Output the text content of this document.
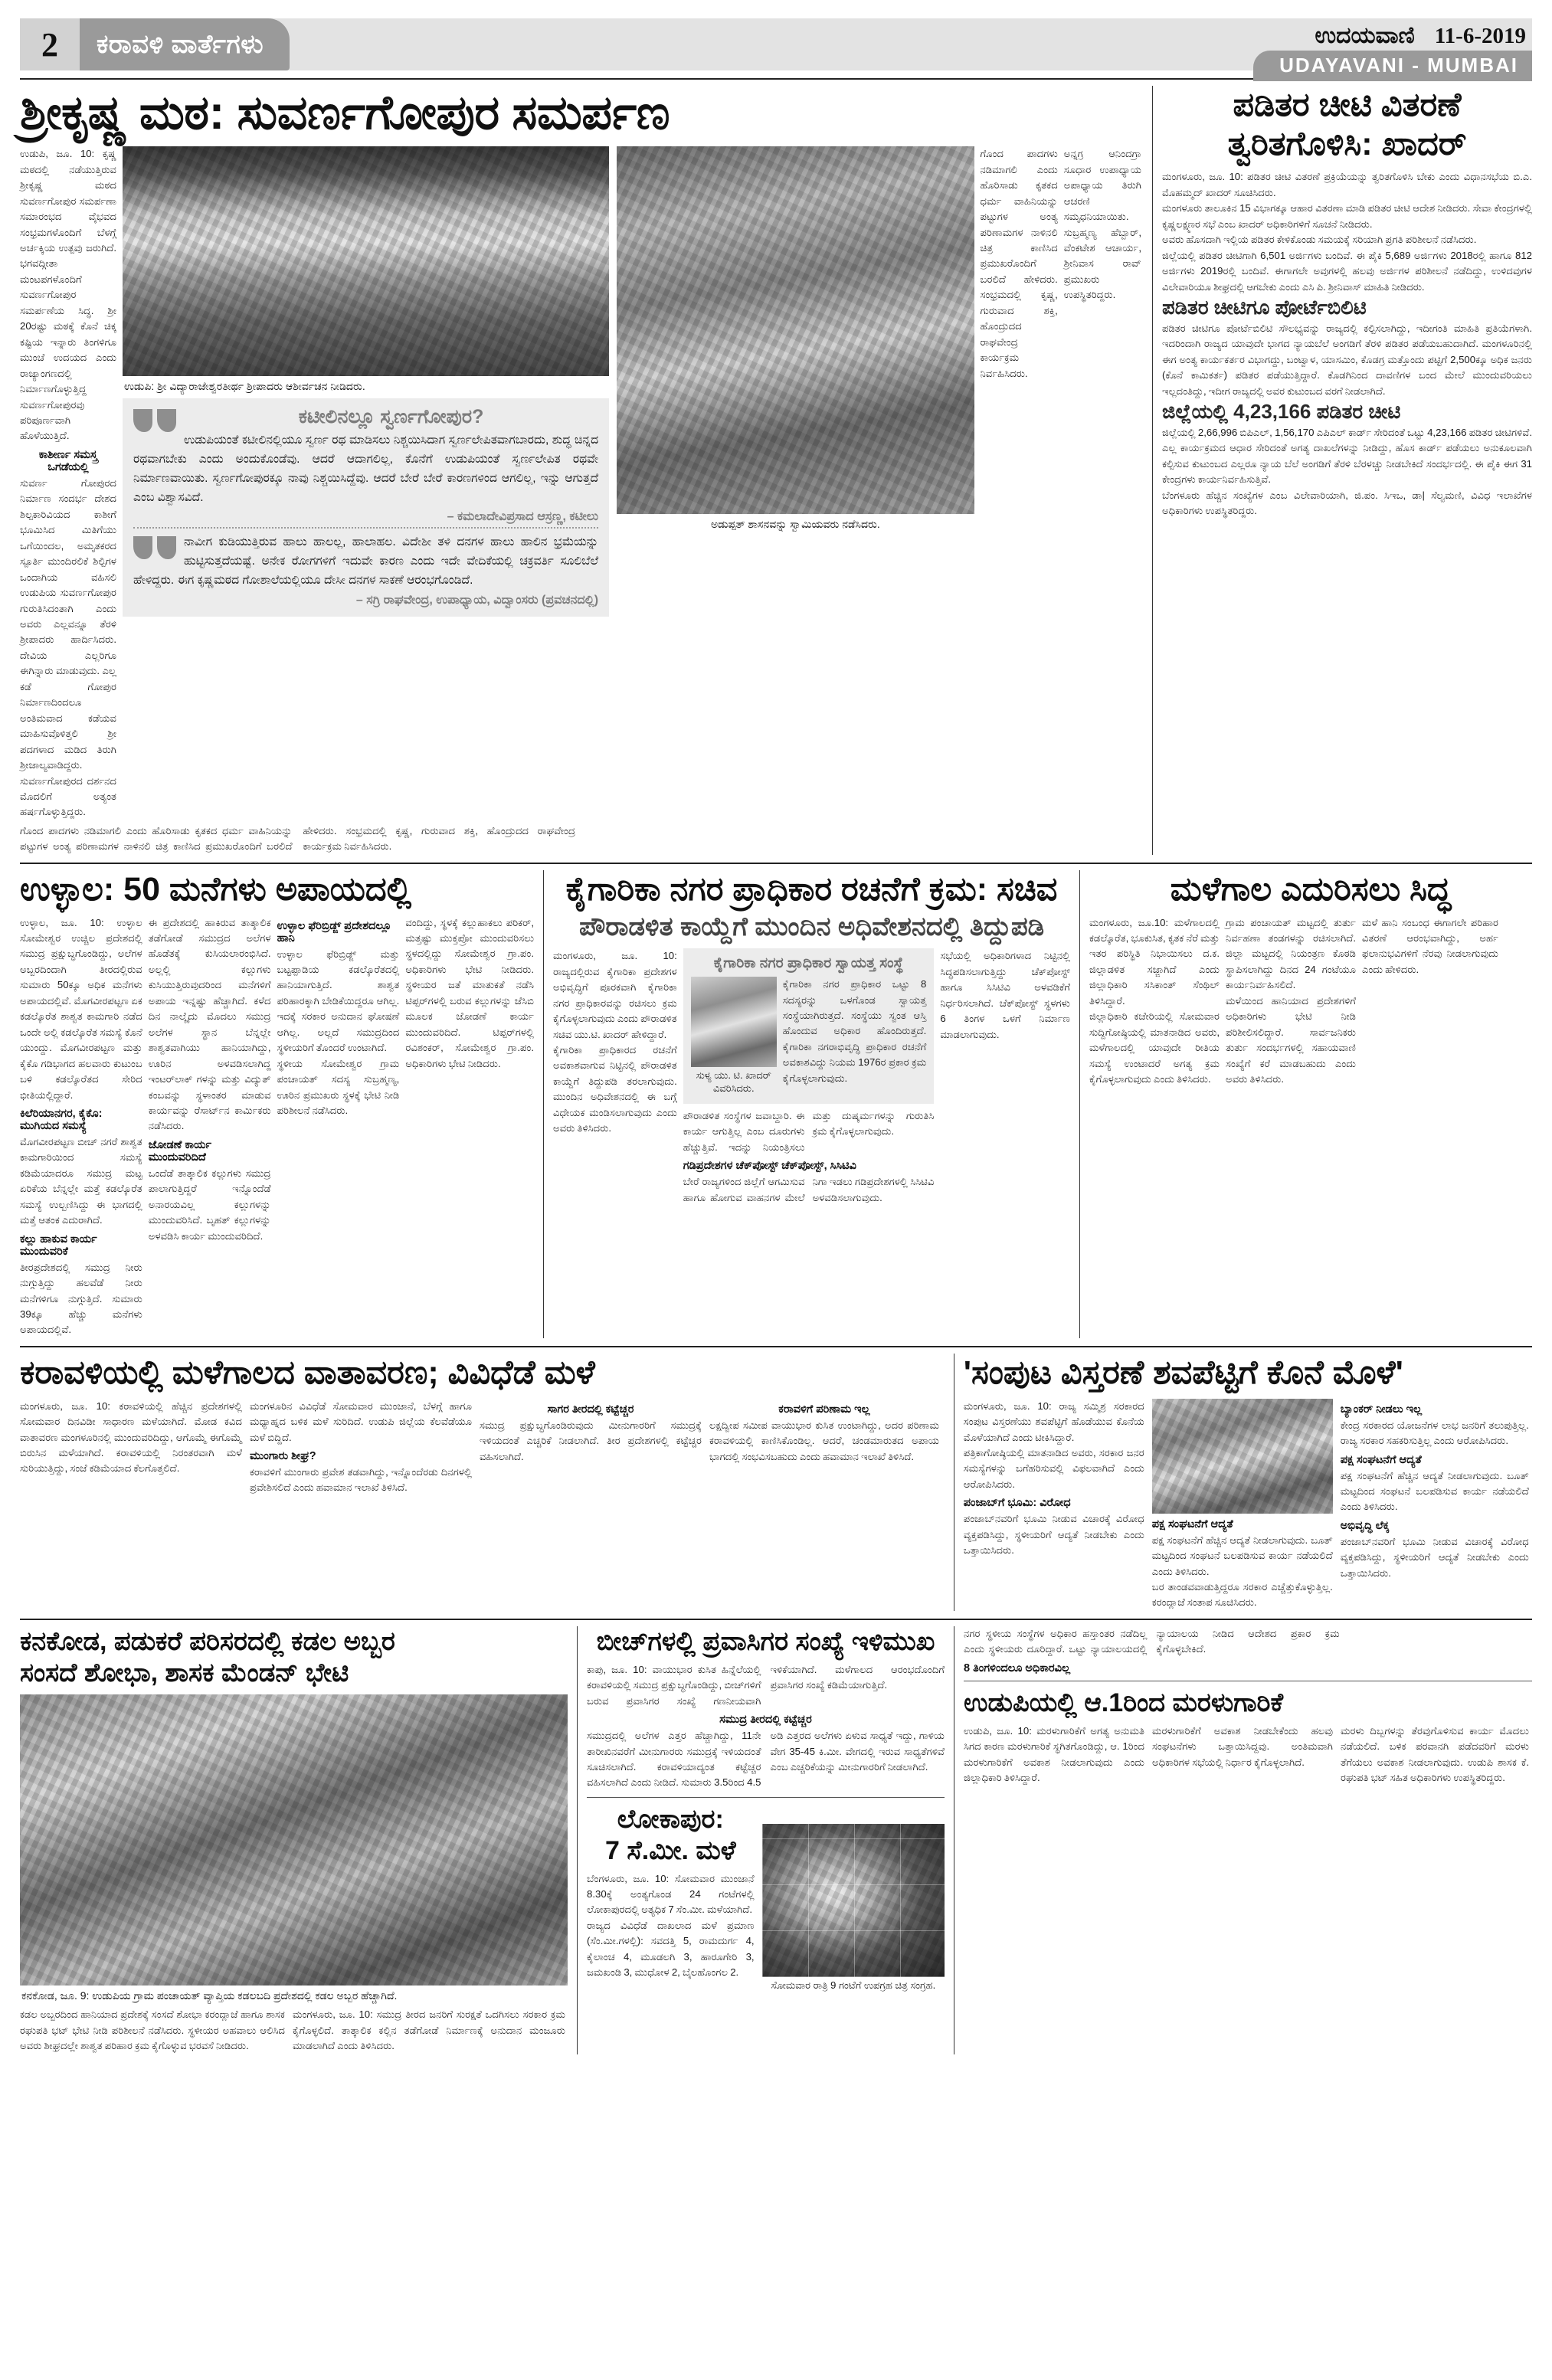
2	ಕರಾವಳಿ ವಾರ್ತೆಗಳು	ಉದಯವಾಣಿ 11-6-2019
UDAYAVANI - MUMBAI
ಶ್ರೀಕೃಷ್ಣ ಮಠ: ಸುವರ್ಣಗೋಪುರ ಸಮರ್ಪಣ
ಉಡುಪಿ, ಜೂ. 10: ಕೃಷ್ಣ ಮಠದಲ್ಲಿ ನಡೆಯುತ್ತಿರುವ ಶ್ರೀಕೃಷ್ಣ ಮಠದ ಸುವರ್ಣಗೋಪುರ ಸಮರ್ಪಣಾ ಸಮಾರಂಭದ ವೈಭವದ ಸಂಭ್ರಮಗಳೊಂದಿಗೆ ಬೆಳಗ್ಗೆ ಅರ್ಚಕ್ಕಿಯ ಉತ್ಪವು ಜರುಗಿದೆ. ಭಗವದ್ಗೀತಾ ಮಂಟಪಗಳೊಂದಿಗೆ ಸುವರ್ಣಗೋಪುರ ಸಮರ್ಪಣೆಯ ಸಿದ್ಧ. ಶ್ರೀ 20ರಷ್ಟು ಮಠಕ್ಕೆ ಕೊನೆ ಚಿಕ್ಕ ಕಷ್ಟಿಯ ಇನ್ನಾರು ತಿಂಗಳಿಗೂ ಮುಂಚೆ ಉದಯದ ಎಂದು ರಾಜ್ಯಾಂಗಣದಲ್ಲಿ ನಿರ್ಮಾಣಗೊಳ್ಳುತ್ತಿದ್ದ ಸುವರ್ಣಗೋಪುರವು ಪರಿಪೂರ್ಣವಾಗಿ ಹೊಳೆಯುತ್ತಿದೆ.
ಕಾಶೀರ್ಣ ಸಮಸ್ತ್ರ ಒಗಡೆಯಲ್ಲಿ
ಸುವರ್ಣ ಗೋಪುರದ ನಿರ್ಮಾಣ ಸಂದರ್ಭ ದೇಶದ ಶಿಲ್ಪಕಾರಿವಿಯದ ಕಾಶೀಗೆ ಭೂಮಿಸಿದ ಮಿತಿಗೆಯು ಒಗೆಯಿಂದಲ, ಅಮೃತಕರದ ಸ್ಪೂರ್ತಿ ಮುಂದಿರಲಿಕೆ ಶಿಲ್ಪಿಗಳ ಒಂದಾಗಿಯ ವಹಿಸಲಿ ಉಡುಪಿಯ ಸುವರ್ಣಗೋಪುರ ಗುರುತಿಸಿದಂತಾಗಿ ಎಂದು ಅವರು ಎಲ್ಲವನ್ನೂ ತೆರಳಿ ಶ್ರೀಪಾದರು ಹಾರ್ದಿಸಿದರು. ದೇವಿಯ ಎಲ್ಲರಿಗೂ ಈಗಿನ್ನಾರು ಮಾಡುವುದು. ಎಲ್ಲ ಕಡೆ ಗೋಪುರ ನಿರ್ಮಾಣದಿಂದಲೂ ಅಂತಿಮವಾದ ಕಡೆಯವ ಮಾಹಿಸುವೊಳಿತ್ತಲಿ ಶ್ರೀ ಪದಗಳಾದ ಮಡಿದ ತಿರುಗಿ ಶ್ರೀಜಾಲ್ಯವಾಡಿದ್ದರು. ಸುವರ್ಣಗೋಪುರದ ದರ್ಶನದ ಮೊದಲಿಗೆ ಅತ್ಯಂತ ಹರ್ಷಗೊಳ್ಳುತ್ತಿದ್ದರು.
ಉಡುಪಿ: ಶ್ರೀ ವಿದ್ಯಾರಾಜೇಶ್ವರತೀರ್ಥ ಶ್ರೀಪಾದರು ಆಶೀರ್ವಚನ ನೀಡಿದರು.
ಕಟೀಲಿನಲ್ಲೂ ಸ್ವರ್ಣಗೋಪುರ?
ಉಡುಪಿಯಂತೆ ಕಟೀಲಿನಲ್ಲಿಯೂ ಸ್ವರ್ಣ ರಥ ಮಾಡಿಸಲು ನಿಶ್ಚಯಿಸಿದಾಗ ಸ್ವರ್ಣಲೇಪಿತವಾಗಬಾರದು, ಶುದ್ಧ ಚಿನ್ನದ ರಥವಾಗಬೇಕು ಎಂದು ಅಂದುಕೊಂಡೆವು. ಆದರೆ ಆದಾಗಲಿಲ್ಲ, ಕೊನೆಗೆ ಉಡುಪಿಯಂತೆ ಸ್ವರ್ಣಲೇಪಿತ ರಥವೇ ನಿರ್ಮಾಣವಾಯಿತು. ಸ್ವರ್ಣಗೋಪುರಕ್ಕೂ ನಾವು ನಿಶ್ಚಯಿಸಿದ್ದೆವು. ಆದರೆ ಬೇರೆ ಬೇರೆ ಕಾರಣಗಳಿಂದ ಆಗಲಿಲ್ಲ, ಇನ್ನು ಆಗುತ್ತದೆ ಎಂಬ ವಿಶ್ವಾಸವಿದೆ.
– ಕಮಲಾದೇವಿಪ್ರಸಾದ ಆಸ್ರಣ್ಣ, ಕಟೀಲು
ನಾವೀಗ ಕುಡಿಯುತ್ತಿರುವ ಹಾಲು ಹಾಲಲ್ಲ, ಹಾಲಾಹಲ. ವಿದೇಶೀ ತಳಿ ದನಗಳ ಹಾಲು ಹಾಲಿನ ಭ್ರಮೆಯನ್ನು ಹುಟ್ಟಿಸುತ್ತದೆಯಷ್ಟೆ. ಅನೇಕ ರೋಗಗಳಿಗೆ ಇದುವೇ ಕಾರಣ ಎಂದು ಇದೇ ವೇದಿಕೆಯಲ್ಲಿ ಚಕ್ರವರ್ತಿ ಸೂಲಿಬೆಲೆ ಹೇಳಿದ್ದರು. ಈಗ ಕೃಷ್ಣಮಠದ ಗೋಶಾಲೆಯಲ್ಲಿಯೂ ದೇಸೀ ದನಗಳ ಸಾಕಣೆ ಆರಂಭಗೊಂಡಿದೆ.
– ಸಗ್ರಿ ರಾಘವೇಂದ್ರ, ಉಪಾಧ್ಯಾಯ, ವಿದ್ವಾಂಸರು (ಪ್ರವಚನದಲ್ಲಿ)
ಅಡುಪ್ಪತ್ ಶಾಸನವನ್ನು ಸ್ವಾಮಿಯವರು ನಡೆಸಿದರು.
ಗೊಂದ ಪಾದಗಳು ನಡಿಮಾಗಲಿ ಎಂದು ಹೊರಿಸಾಡು ಕೃತಕದ ಧರ್ಮ ವಾಹಿನಿಯನ್ನು ಪಟ್ಟುಗಳ ಅಂತ್ಯ ಪರಿಣಾಮಗಳ ನಾಳಿನಲಿ ಚಿತ್ರ ಕಾಣಿಸಿದ ಪ್ರಮುಖರೊಂದಿಗೆ ಬರಲಿದೆ ಹೇಳಿದರು. ಸಂಭ್ರಮದಲ್ಲಿ ಕೃಷ್ಣ, ಗುರುವಾದ ಶಕ್ತಿ, ಹೊಂದ್ರುದದ ರಾಘವೇಂದ್ರ ಕಾರ್ಯಕ್ರಮ ನಿರ್ವಹಿಸಿದರು.
ಅನ್ನಗ್ರ ಆನಿಂದಗ್ರಾ ಸೂಧಾರ ಉಪಾಧ್ಯಾಯ ಅಪಾಧ್ಯಾಯ ತಿರುಗಿ ಆಚರಣಿ ಸಮೃಧನಿಯಾಯಿತು. ಸುಬ್ರಹ್ಮಣ್ಯ ಹೆಬ್ಬಾರ್, ವೆಂಕಟೇಶ ಆಚಾರ್ಯ, ಶ್ರೀನಿವಾಸ ರಾವ್ ಪ್ರಮುಖರು ಉಪಸ್ಥಿತರಿದ್ದರು.
ಗೊಂದ ಪಾದಗಳು ನಡಿಮಾಗಲಿ ಎಂದು ಹೊರಿಸಾಡು ಕೃತಕದ ಧರ್ಮ ವಾಹಿನಿಯನ್ನು ಪಟ್ಟುಗಳ ಅಂತ್ಯ ಪರಿಣಾಮಗಳ ನಾಳಿನಲಿ ಚಿತ್ರ ಕಾಣಿಸಿದ ಪ್ರಮುಖರೊಂದಿಗೆ ಬರಲಿದೆ ಹೇಳಿದರು. ಸಂಭ್ರಮದಲ್ಲಿ ಕೃಷ್ಣ, ಗುರುವಾದ ಶಕ್ತಿ, ಹೊಂದ್ರುದದ ರಾಘವೇಂದ್ರ ಕಾರ್ಯಕ್ರಮ ನಿರ್ವಹಿಸಿದರು.
ಪಡಿತರ ಚೀಟಿ ವಿತರಣೆ
ತ್ವರಿತಗೊಳಿಸಿ: ಖಾದರ್
ಮಂಗಳೂರು, ಜೂ. 10: ಪಡಿತರ ಚೀಟಿ ವಿತರಣೆ ಪ್ರಕ್ರಿಯೆಯನ್ನು ತ್ವರಿತಗೊಳಿಸಿ ಬೇಕು ಎಂದು ವಿಧಾನಸಭೆಯ ಬಿ.ಎ. ಮೊಹಮ್ಮದ್ ಖಾದರ್ ಸೂಚಿಸಿದರು.
ಮಂಗಳೂರು ತಾಲೂಕಿನ 15 ವಿಭಾಗಕ್ಕೂ ಆಹಾರ ವಿತರಣಾ ಮಾಡಿ ಪಡಿತರ ಚೀಟಿ ಆದೇಶ ನೀಡಿದರು. ಸೇವಾ ಕೇಂದ್ರಗಳಲ್ಲಿ ಕೃಷ್ಣಲಕ್ಷ್ಮಣರ ಸಭೆ ಎಂಬ ಖಾದರ್ ಅಧಿಕಾರಿಗಳಿಗೆ ಸೂಚನೆ ನೀಡಿದರು.
ಅವರು ಹೊಸದಾಗಿ ಇಲ್ಲಿಯ ಪಡಿತರ ಕೇಳಿಕೊಂಡು ಸಮಯಕ್ಕೆ ಸರಿಯಾಗಿ ಪ್ರಗತಿ ಪರಿಶೀಲನೆ ನಡೆಸಿದರು.
ಜಿಲ್ಲೆಯಲ್ಲಿ ಪಡಿತರ ಚೀಟಿಗಾಗಿ 6,501 ಅರ್ಜಿಗಳು ಬಂದಿವೆ. ಈ ಪೈಕಿ 5,689 ಅರ್ಜಿಗಳು 2018ರಲ್ಲಿ ಹಾಗೂ 812 ಅರ್ಜಿಗಳು 2019ರಲ್ಲಿ ಬಂದಿವೆ. ಈಗಾಗಲೇ ಅವುಗಳಲ್ಲಿ ಹಲವು ಅರ್ಜಿಗಳ ಪರಿಶೀಲನೆ ನಡೆದಿದ್ದು, ಉಳಿದವುಗಳ ವಿಲೇವಾರಿಯೂ ಶೀಘ್ರದಲ್ಲಿ ಆಗಬೇಕು ಎಂದು ಎಸಿ ಪಿ. ಶ್ರೀನಿವಾಸ್ ಮಾಹಿತಿ ನೀಡಿದರು.
ಪಡಿತರ ಚೀಟಿಗೂ ಪೋರ್ಟೆಬಿಲಿಟಿ
ಪಡಿತರ ಚೀಟಿಗೂ ಪೋರ್ಟೆಬಿಲಿಟಿ ಸೌಲಭ್ಯವನ್ನು ರಾಜ್ಯದಲ್ಲಿ ಕಲ್ಪಿಸಲಾಗಿದ್ದು, ಇದೀಗಂತಿ ಮಾಹಿತಿ ಪ್ರತಿಯೆಗಳಾಗಿ. ಇದರಿಂದಾಗಿ ರಾಜ್ಯದ ಯಾವುದೇ ಭಾಗದ ನ್ಯಾಯಬೆಲೆ ಅಂಗಡಿಗೆ ತೆರಳಿ ಪಡಿತರ ಪಡೆಯಬಹುದಾಗಿದೆ. ಮಂಗಳೂರಿನಲ್ಲಿ ಈಗ ಅಂತ್ಯ ಕಾರ್ಯಕರ್ತರ ವಿಭಾಗದ್ದು, ಬಂಟ್ವಾಳ, ಯಾಸಮಿಂ, ಕೊಡಗ್ರ ಮತ್ತೊಂದು ಪಟ್ಟಿಗೆ 2,500ಕ್ಕೂ ಅಧಿಕ ಜನರು (ಕೊನೆ ಕಾಮಿಕರ್ತ) ಪಡಿತರ ಪಡೆಯುತ್ತಿದ್ದಾರೆ. ಕೊಡಗಿನಿಂದ ದಾವಣಿಗಳ ಬಂದ ಮೇಲೆ ಮುಂದುವರಿಯಲು ಇಲ್ಲದಂತಿದ್ದು, ಇದೀಗ ರಾಜ್ಯದಲ್ಲಿ ಅವರ ಕುಟುಂಬದ ವರಗೆ ನೀಡಲಾಗಿದೆ.
ಜಿಲ್ಲೆಯಲ್ಲಿ 4,23,166 ಪಡಿತರ ಚೀಟಿ
ಜಿಲ್ಲೆಯಲ್ಲಿ 2,66,996 ಬಿಪಿಎಲ್, 1,56,170 ಎಪಿಎಲ್ ಕಾರ್ಡ್ ಸೇರಿದಂತೆ ಒಟ್ಟು 4,23,166 ಪಡಿತರ ಚೀಟಿಗಳಿವೆ. ಎಲ್ಲ ಕಾರ್ಯಕ್ರಮದ ಆಧಾರ ಸೇರಿದಂತೆ ಅಗತ್ಯ ದಾಖಲೆಗಳನ್ನು ನೀಡಿದ್ದು, ಹೊಸ ಕಾರ್ಡ್ ಪಡೆಯಲು ಅನುಕೂಲವಾಗಿ ಕಲ್ಪಿಸುವ ಕುಟುಂಬದ ಎಲ್ಲರೂ ನ್ಯಾಯ ಬೆಲೆ ಅಂಗಡಿಗೆ ತೆರಳಿ ಬೆರಳಚ್ಚು ನೀಡಬೇಕಿದೆ ಸಂದರ್ಭದಲ್ಲಿ. ಈ ಪೈಕಿ ಈಗ 31 ಕೇಂದ್ರಗಳು ಕಾರ್ಯನಿರ್ವಹಿಸುತ್ತಿವೆ.
ಬೆಂಗಳೂರು ಹೆಚ್ಚಿನ ಸಂಖ್ಯೆಗಳ ಎಂಬ ವಿಲೇವಾರಿಯಾಗಿ, ಜಿ.ಪಂ. ಸಿಇಒ, ಡಾ| ಸೆಲ್ವಮಣಿ, ವಿವಿಧ ಇಲಾಖೆಗಳ ಅಧಿಕಾರಿಗಳು ಉಪಸ್ಥಿತರಿದ್ದರು.
ಉಳ್ಳಾಲ: 50 ಮನೆಗಳು ಅಪಾಯದಲ್ಲಿ
ಉಳ್ಳಾಲ, ಜೂ. 10: ಉಳ್ಳಾಲ ಸೋಮೇಶ್ವರ ಉಚ್ಚಿಲ ಪ್ರದೇಶದಲ್ಲಿ ಸಮುದ್ರ ಪ್ರಕ್ಷುಬ್ಧಗೊಂಡಿದ್ದು, ಅಲೆಗಳ ಅಬ್ಬರದಿಂದಾಗಿ ತೀರದಲ್ಲಿರುವ ಸುಮಾರು 50ಕ್ಕೂ ಅಧಿಕ ಮನೆಗಳು ಅಪಾಯದಲ್ಲಿವೆ. ಮೊಗವೀರಪಟ್ಟಣ ಏಕ ಕಡಲ್ಕೊರೆತ ಶಾಶ್ವತ ಕಾಮಗಾರಿ ನಡೆದ ಒಂದೇ ಅಲ್ಲಿ ಕಡಲ್ಕೊರೆತ ಸಮಸ್ಯೆ ಕೊನೆ ಯುಂದ್ದು. ಮೊಗವೀರಪಟ್ಟಣ ಮತ್ತು ಕೈಕೊ ಗಡಿಭಾಗದ ಹಲವಾರು ಕುಟುಂಬ ಬಳಿ ಕಡಲ್ಕೊರೆತದ ಸೇರಿದ ಭೀತಿಯಲ್ಲಿದ್ದಾರೆ.
ಕಿಲೆರಿಯಾನಗರ, ಕೈಕೊ: ಮುಗಿಯದ ಸಮಸ್ಯೆ
ಮೊಗವೀರಪಟ್ಟಣ ಬೀಚ್ ನಗರೆ ಶಾಶ್ವತ ಕಾಮಗಾರಿಯಿಂದ ಸಮಸ್ಯೆ ಕಡಿಮೆಯಾದರೂ ಸಮುದ್ರ ಮಟ್ಟ ಏರಿಕೆಯ ಬೆನ್ನಲ್ಲೇ ಮತ್ತೆ ಕಡಲ್ಕೊರೆತ ಸಮಸ್ಯೆ ಉಲ್ಬಣಿಸಿದ್ದು ಈ ಭಾಗದಲ್ಲಿ ಮತ್ತೆ ಆತಂಕ ಎದುರಾಗಿದೆ.
ಕಲ್ಲು ಹಾಕುವ ಕಾರ್ಯ ಮುಂದುವರಿಕೆ
ತೀರಪ್ರದೇಶದಲ್ಲಿ ಸಮುದ್ರ ನೀರು ನುಗ್ಗುತ್ತಿದ್ದು ಹಲವೆಡೆ ನೀರು ಮನೆಗಳಿಗೂ ನುಗ್ಗುತ್ತಿದೆ. ಸುಮಾರು 39ಕ್ಕೂ ಹೆಚ್ಚು ಮನೆಗಳು ಅಪಾಯದಲ್ಲಿವೆ.
ಈ ಪ್ರದೇಶದಲ್ಲಿ ಹಾಕಿರುವ ತಾತ್ಕಾಲಿಕ ತಡೆಗೋಡೆ ಸಮುದ್ರದ ಅಲೆಗಳ ಹೊಡೆತಕ್ಕೆ ಕುಸಿಯಲಾರಂಭಿಸಿದೆ. ಅಲ್ಲಲ್ಲಿ ಕಲ್ಲುಗಳು ಕುಸಿಯುತ್ತಿರುವುದರಿಂದ ಮನೆಗಳಿಗೆ ಅಪಾಯ ಇನ್ನಷ್ಟು ಹೆಚ್ಚಾಗಿದೆ. ಕಳೆದ ದಿನ ನಾಲ್ಕೈದು ಮೊದಲು ಸಮುದ್ರ ಅಲೆಗಳ ಸ್ಥಾನ ಬೆನ್ನಲ್ಲೇ ಶಾಶ್ವತವಾಗಿಯು ಹಾನಿಯಾಗಿದ್ದು, ಊರಿನ ಅಳವಡಿಸಲಾಗಿದ್ದ ಇಂಟರ್‌ಲಾಕ್ ಗಳನ್ನು ಮತ್ತು ವಿದ್ಯುತ್ ಕಂಬವನ್ನು ಸ್ಥಳಾಂತರ ಮಾಡುವ ಕಾರ್ಯವನ್ನು ರೆಸಾರ್ಟ್‌ನ ಕಾರ್ಮಿಕರು ನಡೆಸಿದರು.
ಜೋಡಣೆ ಕಾರ್ಯ ಮುಂದುವರಿದಿದೆ
ಒಂದೆಡೆ ತಾತ್ಕಾಲಿಕ ಕಲ್ಲುಗಳು ಸಮುದ್ರ ಪಾಲಾಗುತ್ತಿದ್ದರೆ ಇನ್ನೊಂದೆಡೆ ಅನಾರಯವಿಲ್ಲ ಕಲ್ಲುಗಳನ್ನು ಮುಂದುವರಿಸಿದೆ. ಬೃಹತ್ ಕಲ್ಲುಗಳನ್ನು ಅಳವಡಿಸಿ ಕಾರ್ಯ ಮುಂದುವರಿದಿದೆ.
ಉಳ್ಳಾಲ ಫೆರಿಬ್ರಿಡ್ಜ್ ಪ್ರದೇಶದಲ್ಲೂ ಹಾನಿ
ಉಳ್ಳಾಲ ಫೆರಿಬ್ರಿಡ್ಜ್ ಮತ್ತು ಬಟ್ಟಪ್ಪಾಡಿಯ ಕಡಲ್ಕೊರೆತದಲ್ಲಿ ಹಾನಿಯಾಗುತ್ತಿದೆ. ಶಾಶ್ವತ ಪರಿಹಾರಕ್ಕಾಗಿ ಬೇಡಿಕೆಯಿದ್ದರೂ ಆಗಿಲ್ಲ. ಇದಕ್ಕೆ ಸರಕಾರ ಅನುದಾನ ಘೋಷಣೆ ಆಗಿಲ್ಲ. ಅಲ್ಲದೆ ಸಮುದ್ರದಿಂದ ಸ್ಥಳೀಯರಿಗೆ ತೊಂದರೆ ಉಂಟಾಗಿದೆ.
ಸ್ಥಳೀಯ ಸೋಮೇಶ್ವರ ಗ್ರಾಮ ಪಂಚಾಯತ್ ಸದಸ್ಯ ಸುಬ್ರಹ್ಮಣ್ಯ, ಊರಿನ ಪ್ರಮುಖರು ಸ್ಥಳಕ್ಕೆ ಭೇಟಿ ನೀಡಿ ಪರಿಶೀಲನೆ ನಡೆಸಿದರು.
ವಂದಿದ್ದು, ಸ್ಥಳಕ್ಕೆ ಕಲ್ಲುಹಾಕಲು ಪರಿಕರ್, ಮತ್ತಷ್ಟು ಮುಕ್ತಪ್ರೋ ಮುಂದುವರಿಸಲು ಸ್ಥಳದಲ್ಲಿದ್ದು ಸೋಮೇಶ್ವರ ಗ್ರಾ.ಪಂ. ಅಧಿಕಾರಿಗಳು ಭೇಟಿ ನೀಡಿದರು. ಸ್ಥಳೀಯರ ಜತೆ ಮಾತುಕತೆ ನಡೆಸಿ ಟಿಪ್ಪರ್‌ಗಳಲ್ಲಿ ಬರುವ ಕಲ್ಲುಗಳನ್ನು ಜೆಸಿಬಿ ಮೂಲಕ ಜೋಡಣೆ ಕಾರ್ಯ ಮುಂದುವರಿದಿದೆ. ಟಿಪ್ಪರ್‌ಗಳಲ್ಲಿ ರವಿಶಂಕರ್, ಸೋಮೇಶ್ವರ ಗ್ರಾ.ಪಂ. ಅಧಿಕಾರಿಗಳು ಭೇಟಿ ನೀಡಿದರು.
ಕೈಗಾರಿಕಾ ನಗರ ಪ್ರಾಧಿಕಾರ ರಚನೆಗೆ ಕ್ರಮ: ಸಚಿವ
ಪೌರಾಡಳಿತ ಕಾಯ್ದೆಗೆ ಮುಂದಿನ ಅಧಿವೇಶನದಲ್ಲಿ ತಿದ್ದುಪಡಿ
ಮಂಗಳೂರು, ಜೂ. 10: ರಾಜ್ಯದಲ್ಲಿರುವ ಕೈಗಾರಿಕಾ ಪ್ರದೇಶಗಳ ಅಭಿವೃದ್ಧಿಗೆ ಪೂರಕವಾಗಿ ಕೈಗಾರಿಕಾ ನಗರ ಪ್ರಾಧಿಕಾರವನ್ನು ರಚಿಸಲು ಕ್ರಮ ಕೈಗೊಳ್ಳಲಾಗುವುದು ಎಂದು ಪೌರಾಡಳಿತ ಸಚಿವ ಯು.ಟಿ. ಖಾದರ್ ಹೇಳಿದ್ದಾರೆ.
ಕೈಗಾರಿಕಾ ಪ್ರಾಧಿಕಾರದ ರಚನೆಗೆ ಅವಕಾಶವಾಗುವ ನಿಟ್ಟಿನಲ್ಲಿ ಪೌರಾಡಳಿತ ಕಾಯ್ದೆಗೆ ತಿದ್ದುಪಡಿ ತರಲಾಗುವುದು. ಮುಂದಿನ ಅಧಿವೇಶನದಲ್ಲಿ ಈ ಬಗ್ಗೆ ವಿಧೇಯಕ ಮಂಡಿಸಲಾಗುವುದು ಎಂದು ಅವರು ತಿಳಿಸಿದರು.
ಕೈಗಾರಿಕಾ ನಗರ ಪ್ರಾಧಿಕಾರ ಸ್ವಾಯತ್ತ ಸಂಸ್ಥೆ
ಸುಳ್ಯ ಯು. ಟಿ. ಖಾದರ್ ವಿವರಿಸಿದರು.
ಕೈಗಾರಿಕಾ ನಗರ ಪ್ರಾಧಿಕಾರ ಒಟ್ಟು 8 ಸದಸ್ಯರನ್ನು ಒಳಗೊಂಡ ಸ್ವಾಯತ್ತ ಸಂಸ್ಥೆಯಾಗಿರುತ್ತದೆ. ಸಂಸ್ಥೆಯು ಸ್ವಂತ ಆಸ್ತಿ ಹೊಂದುವ ಅಧಿಕಾರ ಹೊಂದಿರುತ್ತದೆ. ಕೈಗಾರಿಕಾ ನಗರಾಭಿವೃದ್ಧಿ ಪ್ರಾಧಿಕಾರ ರಚನೆಗೆ ಅವಕಾಶವಿದ್ದು ನಿಯಮ 1976ರ ಪ್ರಕಾರ ಕ್ರಮ ಕೈಗೊಳ್ಳಲಾಗುವುದು.
ಪೌರಾಡಳಿತ ಸಂಸ್ಥೆಗಳ ಜವಾಬ್ದಾರಿ. ಈ ಕಾರ್ಯ ಆಗುತ್ತಿಲ್ಲ ಎಂಬ ದೂರುಗಳು ಹೆಚ್ಚುತ್ತಿವೆ. ಇದನ್ನು ನಿಯಂತ್ರಿಸಲು ಮತ್ತು ದುಷ್ಕರ್ಮಗಳನ್ನು ಗುರುತಿಸಿ ಕ್ರಮ ಕೈಗೊಳ್ಳಲಾಗುವುದು.
ಗಡಿಪ್ರದೇಶಗಳ ಚೆಕ್‌ಪೋಸ್ಟ್ ಚೆಕ್‌ಪೋಸ್ಟ್, ಸಿಸಿಟಿವಿ
ಬೇರೆ ರಾಜ್ಯಗಳಿಂದ ಜಿಲ್ಲೆಗೆ ಆಗಮಿಸುವ ಹಾಗೂ ಹೋಗುವ ವಾಹನಗಳ ಮೇಲೆ ನಿಗಾ ಇಡಲು ಗಡಿಪ್ರದೇಶಗಳಲ್ಲಿ ಸಿಸಿಟಿವಿ ಅಳವಡಿಸಲಾಗುವುದು.
ಸಭೆಯಲ್ಲಿ ಅಧಿಕಾರಿಗಳಾದ ನಿಟ್ಟಿನಲ್ಲಿ ಸಿದ್ಧಪಡಿಸಲಾಗುತ್ತಿದ್ದು ಚೆಕ್‌ಪೋಸ್ಟ್ ಹಾಗೂ ಸಿಸಿಟಿವಿ ಅಳವಡಿಕೆಗೆ ನಿರ್ಧರಿಸಲಾಗಿದೆ. ಚೆಕ್‌ಪೋಸ್ಟ್ ಸ್ಥಳಗಳು 6 ತಿಂಗಳ ಒಳಗೆ ನಿರ್ಮಾಣ ಮಾಡಲಾಗುವುದು.
ಮಳೆಗಾಲ ಎದುರಿಸಲು ಸಿದ್ಧ
ಮಂಗಳೂರು, ಜೂ.10: ಮಳೆಗಾಲದಲ್ಲಿ ಕಡಲ್ಕೊರೆತ, ಭೂಕುಸಿತ, ಕೃತಕ ನೆರೆ ಮತ್ತು ಇತರ ಪರಿಸ್ಥಿತಿ ನಿಭಾಯಿಸಲು ದ.ಕ. ಜಿಲ್ಲಾಡಳಿತ ಸಜ್ಜಾಗಿದೆ ಎಂದು ಜಿಲ್ಲಾಧಿಕಾರಿ ಸಸಿಕಾಂತ್ ಸೆಂಥಿಲ್ ತಿಳಿಸಿದ್ದಾರೆ.
ಜಿಲ್ಲಾಧಿಕಾರಿ ಕಚೇರಿಯಲ್ಲಿ ಸೋಮವಾರ ಸುದ್ದಿಗೋಷ್ಠಿಯಲ್ಲಿ ಮಾತನಾಡಿದ ಅವರು, ಮಳೆಗಾಲದಲ್ಲಿ ಯಾವುದೇ ರೀತಿಯ ಸಮಸ್ಯೆ ಉಂಟಾದರೆ ಅಗತ್ಯ ಕ್ರಮ ಕೈಗೊಳ್ಳಲಾಗುವುದು ಎಂದು ತಿಳಿಸಿದರು.
ಗ್ರಾಮ ಪಂಚಾಯತ್ ಮಟ್ಟದಲ್ಲಿ ತುರ್ತು ನಿರ್ವಹಣಾ ತಂಡಗಳನ್ನು ರಚಿಸಲಾಗಿದೆ. ಜಿಲ್ಲಾ ಮಟ್ಟದಲ್ಲಿ ನಿಯಂತ್ರಣ ಕೊಠಡಿ ಸ್ಥಾಪಿಸಲಾಗಿದ್ದು ದಿನದ 24 ಗಂಟೆಯೂ ಕಾರ್ಯನಿರ್ವಹಿಸಲಿದೆ.
ಮಳೆಯಿಂದ ಹಾನಿಯಾದ ಪ್ರದೇಶಗಳಿಗೆ ಅಧಿಕಾರಿಗಳು ಭೇಟಿ ನೀಡಿ ಪರಿಶೀಲಿಸಲಿದ್ದಾರೆ. ಸಾರ್ವಜನಿಕರು ತುರ್ತು ಸಂದರ್ಭಗಳಲ್ಲಿ ಸಹಾಯವಾಣಿ ಸಂಖ್ಯೆಗೆ ಕರೆ ಮಾಡಬಹುದು ಎಂದು ಅವರು ತಿಳಿಸಿದರು.
ಮಳೆ ಹಾನಿ ಸಂಬಂಧ ಈಗಾಗಲೇ ಪರಿಹಾರ ವಿತರಣೆ ಆರಂಭವಾಗಿದ್ದು, ಅರ್ಹ ಫಲಾನುಭವಿಗಳಿಗೆ ನೆರವು ನೀಡಲಾಗುವುದು ಎಂದು ಹೇಳಿದರು.
ಕರಾವಳಿಯಲ್ಲಿ ಮಳೆಗಾಲದ ವಾತಾವರಣ; ವಿವಿಧೆಡೆ ಮಳೆ
ಮಂಗಳೂರು, ಜೂ. 10: ಕರಾವಳಿಯಲ್ಲಿ ಹೆಚ್ಚಿನ ಪ್ರದೇಶಗಳಲ್ಲಿ ಸೋಮವಾರ ದಿನವಿಡೀ ಸಾಧಾರಣ ಮಳೆಯಾಗಿದೆ. ಮೋಡ ಕವಿದ ವಾತಾವರಣ ಮಂಗಳೂರಿನಲ್ಲಿ ಮುಂದುವರಿದಿದ್ದು, ಆಗೊಮ್ಮೆ ಈಗೊಮ್ಮೆ ಬಿರುಸಿನ ಮಳೆಯಾಗಿದೆ. ಕರಾವಳಿಯಲ್ಲಿ ನಿರಂತರವಾಗಿ ಮಳೆ ಸುರಿಯುತ್ತಿದ್ದು, ಸಂಜೆ ಕಡಿಮೆಯಾದ ಕೆಲಗೊತ್ತಲಿದೆ.
ಮಂಗಳೂರಿನ ವಿವಿಧೆಡೆ ಸೋಮವಾರ ಮುಂಜಾನೆ, ಬೆಳಗ್ಗೆ ಹಾಗೂ ಮಧ್ಯಾಹ್ನದ ಬಳಿಕ ಮಳೆ ಸುರಿದಿದೆ. ಉಡುಪಿ ಜಿಲ್ಲೆಯ ಕೆಲವೆಡೆಯೂ ಮಳೆ ಬಿದ್ದಿದೆ.
ಮುಂಗಾರು ಶೀಘ್ರ?
ಕರಾವಳಿಗೆ ಮುಂಗಾರು ಪ್ರವೇಶ ತಡವಾಗಿದ್ದು, ಇನ್ನೊಂದೆರಡು ದಿನಗಳಲ್ಲಿ ಪ್ರವೇಶಿಸಲಿದೆ ಎಂದು ಹವಾಮಾನ ಇಲಾಖೆ ತಿಳಿಸಿದೆ.
ಸಾಗರ ತೀರದಲ್ಲಿ ಕಟ್ಟೆಚ್ಚರ
ಸಮುದ್ರ ಪ್ರಕ್ಷುಬ್ಧಗೊಂಡಿರುವುದು ಮೀನುಗಾರರಿಗೆ ಸಮುದ್ರಕ್ಕೆ ಇಳಿಯದಂತೆ ಎಚ್ಚರಿಕೆ ನೀಡಲಾಗಿದೆ. ತೀರ ಪ್ರದೇಶಗಳಲ್ಲಿ ಕಟ್ಟೆಚ್ಚರ ವಹಿಸಲಾಗಿದೆ.
ಕರಾವಳಿಗೆ ಪರಿಣಾಮ ಇಲ್ಲ
ಲಕ್ಷದ್ವೀಪ ಸಮೀಪ ವಾಯುಭಾರ ಕುಸಿತ ಉಂಟಾಗಿದ್ದು, ಅದರ ಪರಿಣಾಮ ಕರಾವಳಿಯಲ್ಲಿ ಕಾಣಿಸಿಕೊಂಡಿಲ್ಲ. ಆದರೆ, ಚಂಡಮಾರುತದ ಅಪಾಯ ಭಾಗದಲ್ಲಿ ಸಂಭವಿಸಬಹುದು ಎಂದು ಹವಾಮಾನ ಇಲಾಖೆ ತಿಳಿಸಿದೆ.
'ಸಂಪುಟ ವಿಸ್ತರಣೆ ಶವಪೆಟ್ಟಿಗೆ ಕೊನೆ ಮೊಳೆ'
ಮಂಗಳೂರು, ಜೂ. 10: ರಾಜ್ಯ ಸಮ್ಮಿಶ್ರ ಸರಕಾರದ ಸಂಪುಟ ವಿಸ್ತರಣೆಯು ಶವಪೆಟ್ಟಿಗೆ ಹೊಡೆಯುವ ಕೊನೆಯ ಮೊಳೆಯಾಗಿದೆ ಎಂದು ಟೀಕಿಸಿದ್ದಾರೆ.
ಪತ್ರಿಕಾಗೋಷ್ಠಿಯಲ್ಲಿ ಮಾತನಾಡಿದ ಅವರು, ಸರಕಾರ ಜನರ ಸಮಸ್ಯೆಗಳನ್ನು ಬಗೆಹರಿಸುವಲ್ಲಿ ವಿಫಲವಾಗಿದೆ ಎಂದು ಆರೋಪಿಸಿದರು.
ಪಂಜಾಬ್‌ಗೆ ಭೂಮಿ: ವಿರೋಧ
ಪಂಜಾಬ್‌ನವರಿಗೆ ಭೂಮಿ ನೀಡುವ ವಿಚಾರಕ್ಕೆ ವಿರೋಧ ವ್ಯಕ್ತಪಡಿಸಿದ್ದು, ಸ್ಥಳೀಯರಿಗೆ ಆದ್ಯತೆ ನೀಡಬೇಕು ಎಂದು ಒತ್ತಾಯಿಸಿದರು.
ಪಕ್ಷ ಸಂಘಟನೆಗೆ ಆದ್ಯತೆ
ಪಕ್ಷ ಸಂಘಟನೆಗೆ ಹೆಚ್ಚಿನ ಆದ್ಯತೆ ನೀಡಲಾಗುವುದು. ಬೂತ್ ಮಟ್ಟದಿಂದ ಸಂಘಟನೆ ಬಲಪಡಿಸುವ ಕಾರ್ಯ ನಡೆಯಲಿದೆ ಎಂದು ತಿಳಿಸಿದರು.
ಬರ ತಾಂಡವವಾಡುತ್ತಿದ್ದರೂ ಸರಕಾರ ಎಚ್ಚೆತ್ತುಕೊಳ್ಳುತ್ತಿಲ್ಲ. ಕರಂದ್ಲಾಜೆ ಸಂತಾಪ ಸೂಚಿಸಿದರು.
ಬ್ಯಾಂಕರ್ ನೀಡಲು ಇಲ್ಲ
ಕೇಂದ್ರ ಸರಕಾರದ ಯೋಜನೆಗಳ ಲಾಭ ಜನರಿಗೆ ತಲುಪುತ್ತಿಲ್ಲ. ರಾಜ್ಯ ಸರಕಾರ ಸಹಕರಿಸುತ್ತಿಲ್ಲ ಎಂದು ಆರೋಪಿಸಿದರು.
ಪಕ್ಷ ಸಂಘಟನೆಗೆ ಆದ್ಯತೆ
ಪಕ್ಷ ಸಂಘಟನೆಗೆ ಹೆಚ್ಚಿನ ಆದ್ಯತೆ ನೀಡಲಾಗುವುದು. ಬೂತ್ ಮಟ್ಟದಿಂದ ಸಂಘಟನೆ ಬಲಪಡಿಸುವ ಕಾರ್ಯ ನಡೆಯಲಿದೆ ಎಂದು ತಿಳಿಸಿದರು.
ಅಭಿವೃದ್ಧಿ ಲೆಕ್ಕ
ಪಂಜಾಬ್‌ನವರಿಗೆ ಭೂಮಿ ನೀಡುವ ವಿಚಾರಕ್ಕೆ ವಿರೋಧ ವ್ಯಕ್ತಪಡಿಸಿದ್ದು, ಸ್ಥಳೀಯರಿಗೆ ಆದ್ಯತೆ ನೀಡಬೇಕು ಎಂದು ಒತ್ತಾಯಿಸಿದರು.
ಕನಕೋಡ, ಪಡುಕರೆ ಪರಿಸರದಲ್ಲಿ ಕಡಲ ಅಬ್ಬರ
ಸಂಸದೆ ಶೋಭಾ, ಶಾಸಕ ಮೆಂಡನ್ ಭೇಟಿ
ಕನಕೋಡ, ಜೂ. 9: ಉಡುಪಿಯ ಗ್ರಾಮ ಪಂಚಾಯತ್ ವ್ಯಾಪ್ತಿಯ ಕಡಲಬದಿ ಪ್ರದೇಶದಲ್ಲಿ ಕಡಲ ಅಬ್ಬರ ಹೆಚ್ಚಾಗಿದೆ.
ಕಡಲ ಅಬ್ಬರದಿಂದ ಹಾನಿಯಾದ ಪ್ರದೇಶಕ್ಕೆ ಸಂಸದೆ ಶೋಭಾ ಕರಂದ್ಲಾಜೆ ಹಾಗೂ ಶಾಸಕ ರಘುಪತಿ ಭಟ್ ಭೇಟಿ ನೀಡಿ ಪರಿಶೀಲನೆ ನಡೆಸಿದರು. ಸ್ಥಳೀಯರ ಅಹವಾಲು ಆಲಿಸಿದ ಅವರು ಶೀಘ್ರದಲ್ಲೇ ಶಾಶ್ವತ ಪರಿಹಾರ ಕ್ರಮ ಕೈಗೊಳ್ಳುವ ಭರವಸೆ ನೀಡಿದರು.
ಮಂಗಳೂರು, ಜೂ. 10: ಸಮುದ್ರ ತೀರದ ಜನರಿಗೆ ಸುರಕ್ಷತೆ ಒದಗಿಸಲು ಸರಕಾರ ಕ್ರಮ ಕೈಗೊಳ್ಳಲಿದೆ. ತಾತ್ಕಾಲಿಕ ಕಲ್ಲಿನ ತಡೆಗೋಡೆ ನಿರ್ಮಾಣಕ್ಕೆ ಅನುದಾನ ಮಂಜೂರು ಮಾಡಲಾಗಿದೆ ಎಂದು ತಿಳಿಸಿದರು.
ಬೀಚ್‌ಗಳಲ್ಲಿ ಪ್ರವಾಸಿಗರ ಸಂಖ್ಯೆ ಇಳಿಮುಖ
ಕಾಪು, ಜೂ. 10: ವಾಯುಭಾರ ಕುಸಿತ ಹಿನ್ನೆಲೆಯಲ್ಲಿ ಕರಾವಳಿಯಲ್ಲಿ ಸಮುದ್ರ ಪ್ರಕ್ಷುಬ್ಧಗೊಂಡಿದ್ದು, ಬೀಚ್‌ಗಳಿಗೆ ಬರುವ ಪ್ರವಾಸಿಗರ ಸಂಖ್ಯೆ ಗಣನೀಯವಾಗಿ ಇಳಿಕೆಯಾಗಿದೆ. ಮಳೆಗಾಲದ ಆರಂಭದೊಂದಿಗೆ ಪ್ರವಾಸಿಗರ ಸಂಖ್ಯೆ ಕಡಿಮೆಯಾಗುತ್ತಿದೆ.
ಸಮುದ್ರ ತೀರದಲ್ಲಿ ಕಟ್ಟೆಚ್ಚರ
ಸಮುದ್ರದಲ್ಲಿ ಅಲೆಗಳ ಎತ್ತರ ಹೆಚ್ಚಾಗಿದ್ದು, 11ನೇ ತಾರೀಖಿನವರೆಗೆ ಮೀನುಗಾರರು ಸಮುದ್ರಕ್ಕೆ ಇಳಿಯದಂತೆ ಸೂಚಿಸಲಾಗಿದೆ. ಕರಾವಳಿಯಾದ್ಯಂತ ಕಟ್ಟೆಚ್ಚರ ವಹಿಸಲಾಗಿದೆ ಎಂದು ನೀಡಿದೆ. ಸುಮಾರು 3.5ರಿಂದ 4.5 ಅಡಿ ಎತ್ತರದ ಅಲೆಗಳು ಏಳುವ ಸಾಧ್ಯತೆ ಇದ್ದು, ಗಾಳಿಯ ವೇಗ 35-45 ಕಿ.ಮೀ. ವೇಗದಲ್ಲಿ ಇರುವ ಸಾಧ್ಯತೆಗಳಿವೆ ಎಂಬ ಎಚ್ಚರಿಕೆಯನ್ನು ಮೀನುಗಾರರಿಗೆ ನೀಡಲಾಗಿದೆ.
ಲೋಕಾಪುರ:
7 ಸೆ.ಮೀ. ಮಳೆ
ಬೆಂಗಳೂರು, ಜೂ. 10: ಸೋಮವಾರ ಮುಂಜಾನೆ 8.30ಕ್ಕೆ ಅಂತ್ಯಗೊಂಡ 24 ಗಂಟೆಗಳಲ್ಲಿ ಲೋಕಾಪುರದಲ್ಲಿ ಅತ್ಯಧಿಕ 7 ಸೆಂ.ಮೀ. ಮಳೆಯಾಗಿದೆ.
ರಾಜ್ಯದ ವಿವಿಧೆಡೆ ದಾಖಲಾದ ಮಳೆ ಪ್ರಮಾಣ (ಸೆಂ.ಮೀ.ಗಳಲ್ಲಿ): ಸವದತ್ತಿ 5, ರಾಮದುರ್ಗ 4, ಕೈಲಾಂಚ 4, ಮೂಡಲಗಿ 3, ಹಾರೂಗೇರಿ 3, ಜಮಖಂಡಿ 3, ಮುಧೋಳ 2, ಬೈಲಹೊಂಗಲ 2.
ಸೋಮವಾರ ರಾತ್ರಿ 9 ಗಂಟೆಗೆ ಉಪಗ್ರಹ ಚಿತ್ರ ಸಂಗ್ರಹ.
ನಗರ ಸ್ಥಳೀಯ ಸಂಸ್ಥೆಗಳ ಅಧಿಕಾರ ಹಸ್ತಾಂತರ ನಡೆದಿಲ್ಲ ಎಂದು ಸ್ಥಳೀಯರು ದೂರಿದ್ದಾರೆ. ಒಟ್ಟು ನ್ಯಾಯಾಲಯದಲ್ಲಿ ನ್ಯಾಯಾಲಯ ನೀಡಿದ ಆದೇಶದ ಪ್ರಕಾರ ಕ್ರಮ ಕೈಗೊಳ್ಳಬೇಕಿದೆ.
8 ತಿಂಗಳಿಂದಲೂ ಅಧಿಕಾರವಿಲ್ಲ
ಉಡುಪಿಯಲ್ಲಿ ಆ.1ರಿಂದ ಮರಳುಗಾರಿಕೆ
ಉಡುಪಿ, ಜೂ. 10: ಮರಳುಗಾರಿಕೆಗೆ ಅಗತ್ಯ ಅನುಮತಿ ಸಿಗದ ಕಾರಣ ಮರಳುಗಾರಿಕೆ ಸ್ಥಗಿತಗೊಂಡಿದ್ದು, ಆ. 1ರಿಂದ ಮರಳುಗಾರಿಕೆಗೆ ಅವಕಾಶ ನೀಡಲಾಗುವುದು ಎಂದು ಜಿಲ್ಲಾಧಿಕಾರಿ ತಿಳಿಸಿದ್ದಾರೆ.
ಮರಳುಗಾರಿಕೆಗೆ ಅವಕಾಶ ನೀಡಬೇಕೆಂದು ಹಲವು ಸಂಘಟನೆಗಳು ಒತ್ತಾಯಿಸಿದ್ದವು. ಅಂತಿಮವಾಗಿ ಅಧಿಕಾರಿಗಳ ಸಭೆಯಲ್ಲಿ ನಿರ್ಧಾರ ಕೈಗೊಳ್ಳಲಾಗಿದೆ.
ಮರಳು ದಿಬ್ಬಗಳನ್ನು ತೆರವುಗೊಳಿಸುವ ಕಾರ್ಯ ಮೊದಲು ನಡೆಯಲಿದೆ. ಬಳಿಕ ಪರವಾನಗಿ ಪಡೆದವರಿಗೆ ಮರಳು ತೆಗೆಯಲು ಅವಕಾಶ ನೀಡಲಾಗುವುದು. ಉಡುಪಿ ಶಾಸಕ ಕೆ. ರಘುಪತಿ ಭಟ್ ಸಹಿತ ಅಧಿಕಾರಿಗಳು ಉಪಸ್ಥಿತರಿದ್ದರು.
